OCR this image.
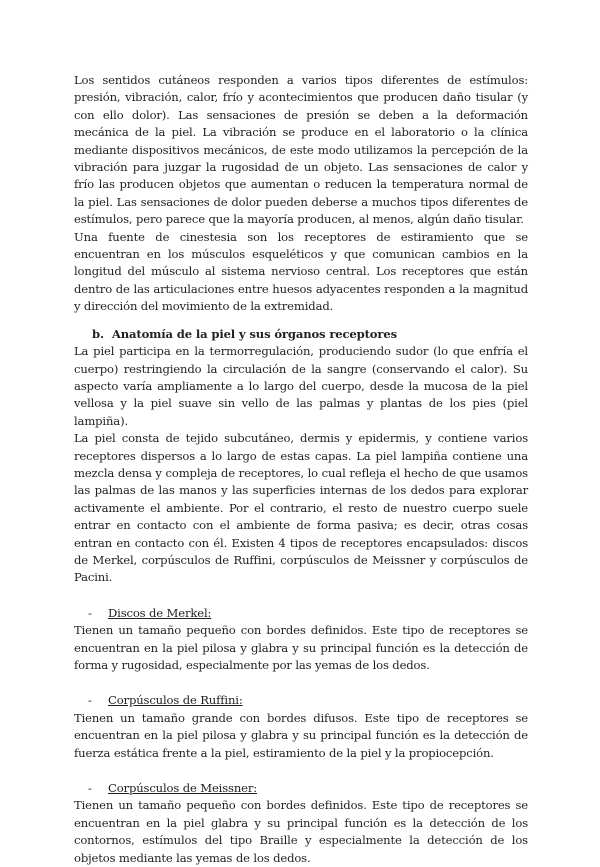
Los sentidos cutáneos responden a varios tipos diferentes de estímulos: presión, vibración, calor, frío y acontecimientos que producen daño tisular (y con ello dolor). Las sensaciones de presión se deben a la deformación mecánica de la piel. La vibración se produce en el laboratorio o la clínica mediante dispositivos mecánicos, de este modo utilizamos la percepción de la vibración para juzgar la rugosidad de un objeto. Las sensaciones de calor y frío las producen objetos que aumentan o reducen la temperatura normal de la piel. Las sensaciones de dolor pueden deberse a muchos tipos diferentes de estímulos, pero parece que la mayoría producen, al menos, algún daño tisular.

Una fuente de cinestesia son los receptores de estiramiento que se encuentran en los músculos esqueléticos y que comunican cambios en la longitud del músculo al sistema nervioso central. Los receptores que están dentro de las articulaciones entre huesos adyacentes responden a la magnitud y dirección del movimiento de la extremidad.

b. Anatomía de la piel y sus órganos receptores

La piel participa en la termorregulación, produciendo sudor (lo que enfría el cuerpo) restringiendo la circulación de la sangre (conservando el calor). Su aspecto varía ampliamente a lo largo del cuerpo, desde la mucosa de la piel vellosa y la piel suave sin vello de las palmas y plantas de los pies (piel lampiña).

La piel consta de tejido subcutáneo, dermis y epidermis, y contiene varios receptores dispersos a lo largo de estas capas. La piel lampiña contiene una mezcla densa y compleja de receptores, lo cual refleja el hecho de que usamos las palmas de las manos y las superficies internas de los dedos para explorar activamente el ambiente. Por el contrario, el resto de nuestro cuerpo suele entrar en contacto con el ambiente de forma pasiva; es decir, otras cosas entran en contacto con él. Existen 4 tipos de receptores encapsulados: discos de Merkel, corpúsculos de Ruffini, corpúsculos de Meissner y corpúsculos de Pacini.

- Discos de Merkel:

Tienen un tamaño pequeño con bordes definidos. Este tipo de receptores se encuentran en la piel pilosa y glabra y su principal función es la detección de forma y rugosidad, especialmente por las yemas de los dedos.

- Corpúsculos de Ruffini:

Tienen un tamaño grande con bordes difusos. Este tipo de receptores se encuentran en la piel pilosa y glabra y su principal función es la detección de fuerza estática frente a la piel, estiramiento de la piel y la propiocepción.

- Corpúsculos de Meissner:

Tienen un tamaño pequeño con bordes definidos. Este tipo de receptores se encuentran en la piel glabra y su principal función es la detección de los contornos, estímulos del tipo Braille y especialmente la detección de los objetos mediante las yemas de los dedos.
